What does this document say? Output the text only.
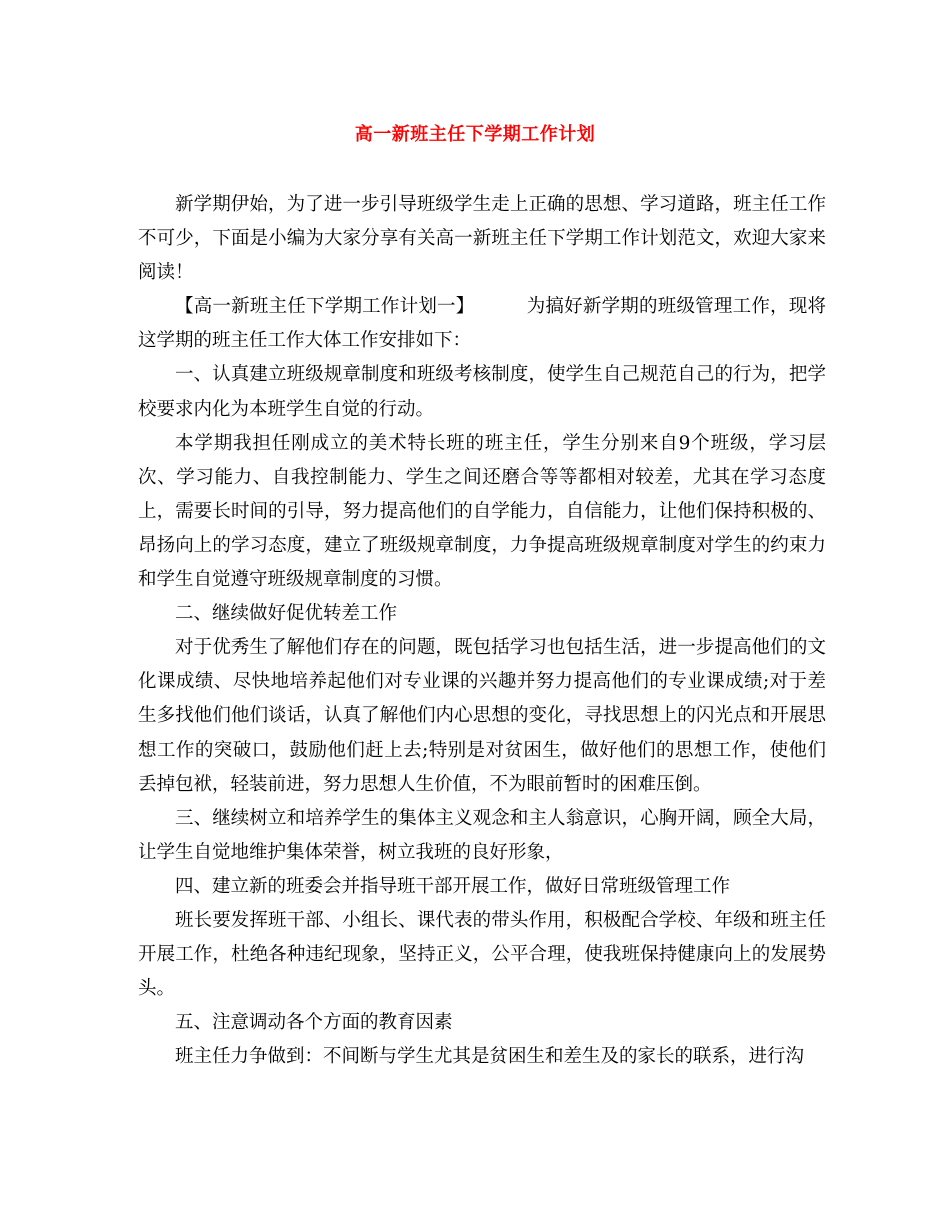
高一新班主任下学期工作计划

新学期伊始，为了进一步引导班级学生走上正确的思想、学习道路，班主任工作不可少，下面是小编为大家分享有关高一新班主任下学期工作计划范文，欢迎大家来阅读！

【高一新班主任下学期工作计划一】	为搞好新学期的班级管理工作，现将这学期的班主任工作大体工作安排如下：

一、认真建立班级规章制度和班级考核制度，使学生自己规范自己的行为，把学校要求内化为本班学生自觉的行动。

本学期我担任刚成立的美术特长班的班主任，学生分别来自9个班级，学习层次、学习能力、自我控制能力、学生之间还磨合等等都相对较差，尤其在学习态度上，需要长时间的引导，努力提高他们的自学能力，自信能力，让他们保持积极的、昂扬向上的学习态度，建立了班级规章制度，力争提高班级规章制度对学生的约束力和学生自觉遵守班级规章制度的习惯。

二、继续做好促优转差工作

对于优秀生了解他们存在的问题，既包括学习也包括生活，进一步提高他们的文化课成绩、尽快地培养起他们对专业课的兴趣并努力提高他们的专业课成绩;对于差生多找他们他们谈话，认真了解他们内心思想的变化，寻找思想上的闪光点和开展思想工作的突破口，鼓励他们赶上去;特别是对贫困生，做好他们的思想工作，使他们丢掉包袱，轻装前进，努力思想人生价值，不为眼前暂时的困难压倒。

三、继续树立和培养学生的集体主义观念和主人翁意识，心胸开阔，顾全大局，让学生自觉地维护集体荣誉，树立我班的良好形象，

四、建立新的班委会并指导班干部开展工作，做好日常班级管理工作

班长要发挥班干部、小组长、课代表的带头作用，积极配合学校、年级和班主任开展工作，杜绝各种违纪现象，坚持正义，公平合理，使我班保持健康向上的发展势头。

五、注意调动各个方面的教育因素

班主任力争做到：不间断与学生尤其是贫困生和差生及的家长的联系，进行沟
